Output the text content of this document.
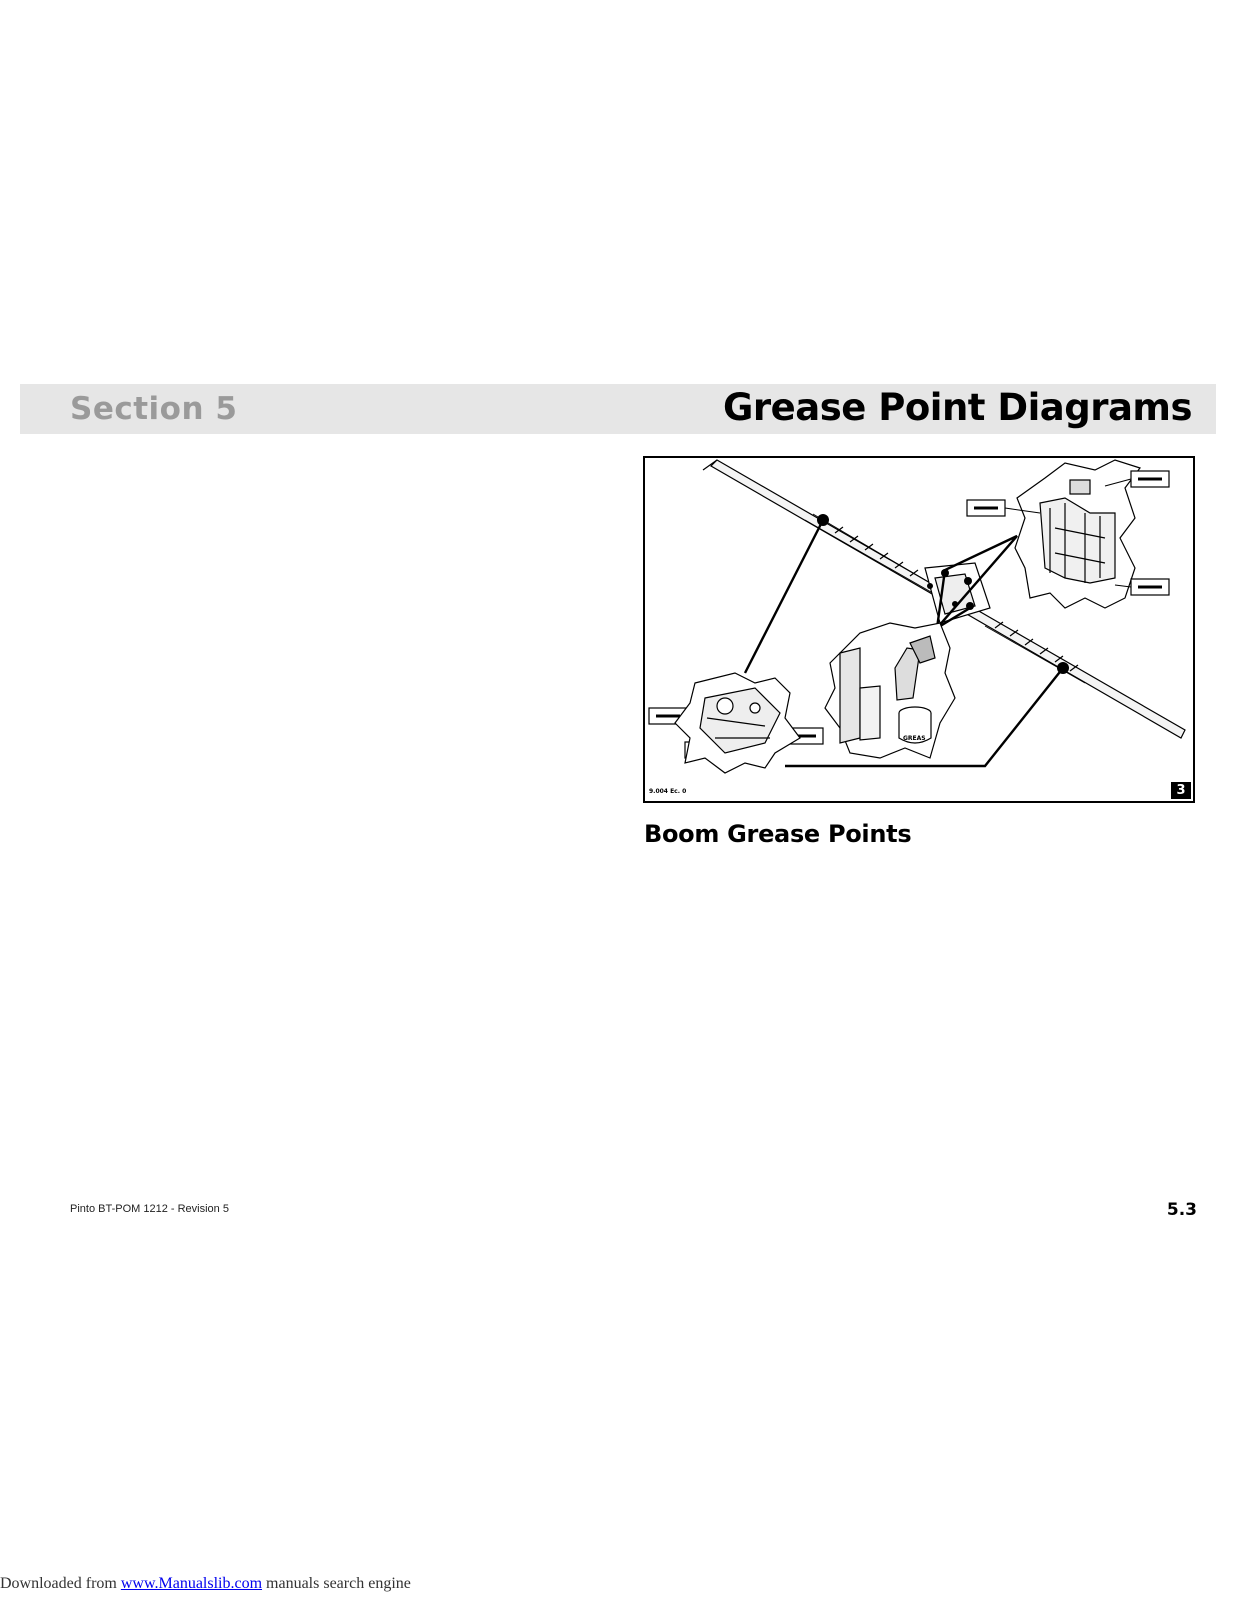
Section 5	Grease Point Diagrams
GREAS
9.004 Ec. 0	3
Boom Grease Points
Pinto BT-POM 1212 - Revision 5	5.3
Downloaded from www.Manualslib.com manuals search engine
